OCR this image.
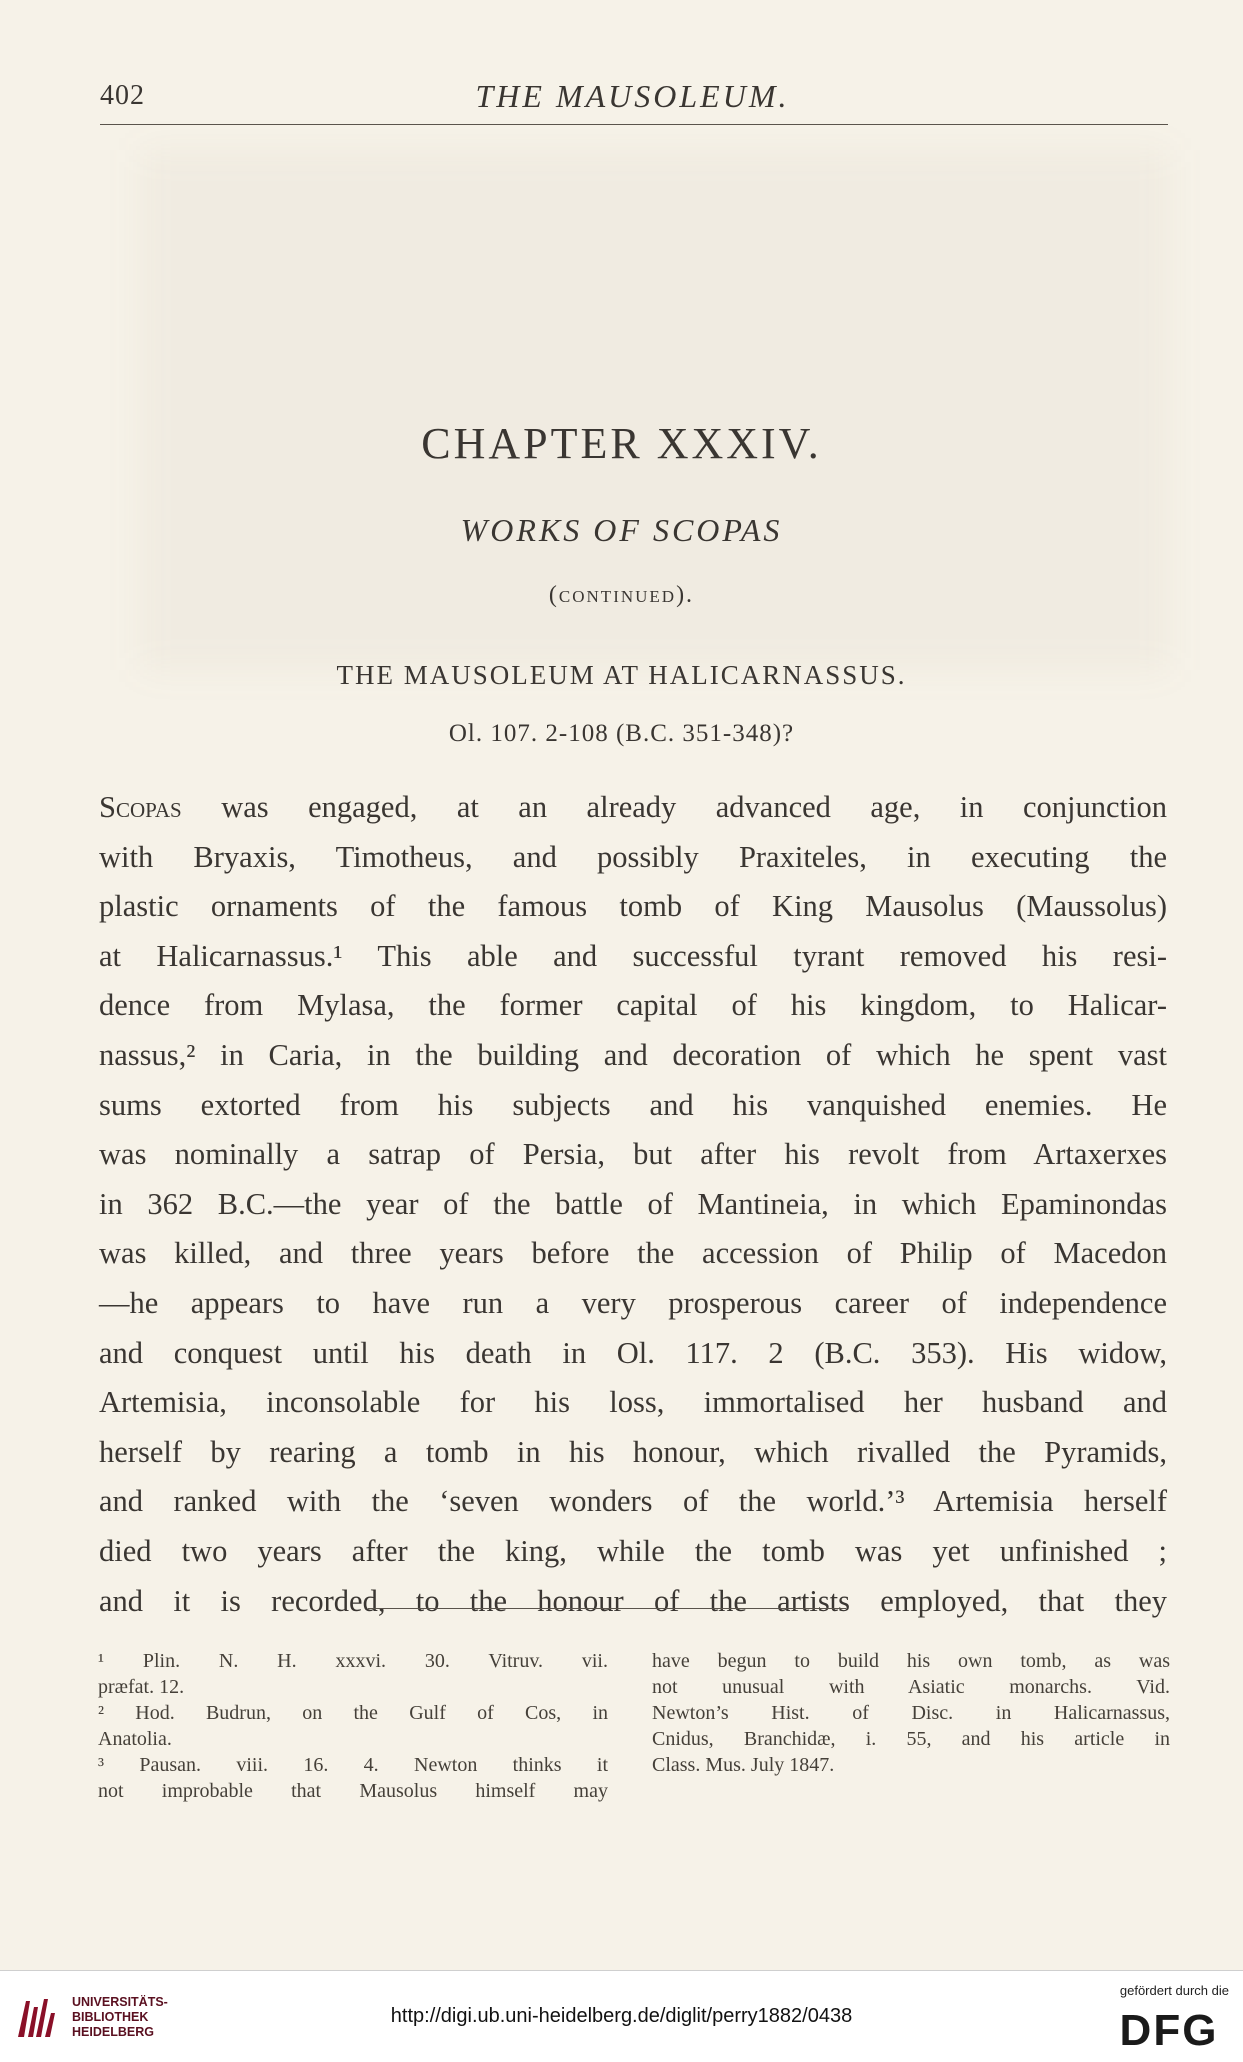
402	THE MAUSOLEUM.
CHAPTER XXXIV.
WORKS OF SCOPAS
(continued).
THE MAUSOLEUM AT HALICARNASSUS.
Ol. 107. 2-108 (B.C. 351-348)?
Scopas was engaged, at an already advanced age, in conjunction
with Bryaxis, Timotheus, and possibly Praxiteles, in executing the
plastic ornaments of the famous tomb of King Mausolus (Maussolus)
at Halicarnassus.¹ This able and successful tyrant removed his resi-
dence from Mylasa, the former capital of his kingdom, to Halicar-
nassus,² in Caria, in the building and decoration of which he spent vast
sums extorted from his subjects and his vanquished enemies. He
was nominally a satrap of Persia, but after his revolt from Artaxerxes
in 362 B.C.—the year of the battle of Mantineia, in which Epaminondas
was killed, and three years before the accession of Philip of Macedon
—he appears to have run a very prosperous career of independence
and conquest until his death in Ol. 117. 2 (B.C. 353). His widow,
Artemisia, inconsolable for his loss, immortalised her husband and
herself by rearing a tomb in his honour, which rivalled the Pyramids,
and ranked with the ‘seven wonders of the world.’³ Artemisia herself
died two years after the king, while the tomb was yet unfinished ;
and it is recorded, to the honour of the artists employed, that they
¹ Plin. N. H. xxxvi. 30. Vitruv. vii.
præfat. 12.
² Hod. Budrun, on the Gulf of Cos, in
Anatolia.
³ Pausan. viii. 16. 4. Newton thinks it
not improbable that Mausolus himself may
have begun to build his own tomb, as was
not unusual with Asiatic monarchs. Vid.
Newton’s Hist. of Disc. in Halicarnassus,
Cnidus, Branchidæ, i. 55, and his article in
Class. Mus. July 1847.
UNIVERSITÄTS-
BIBLIOTHEK
HEIDELBERG
http://digi.ub.uni-heidelberg.de/diglit/perry1882/0438
gefördert durch die
DFG
